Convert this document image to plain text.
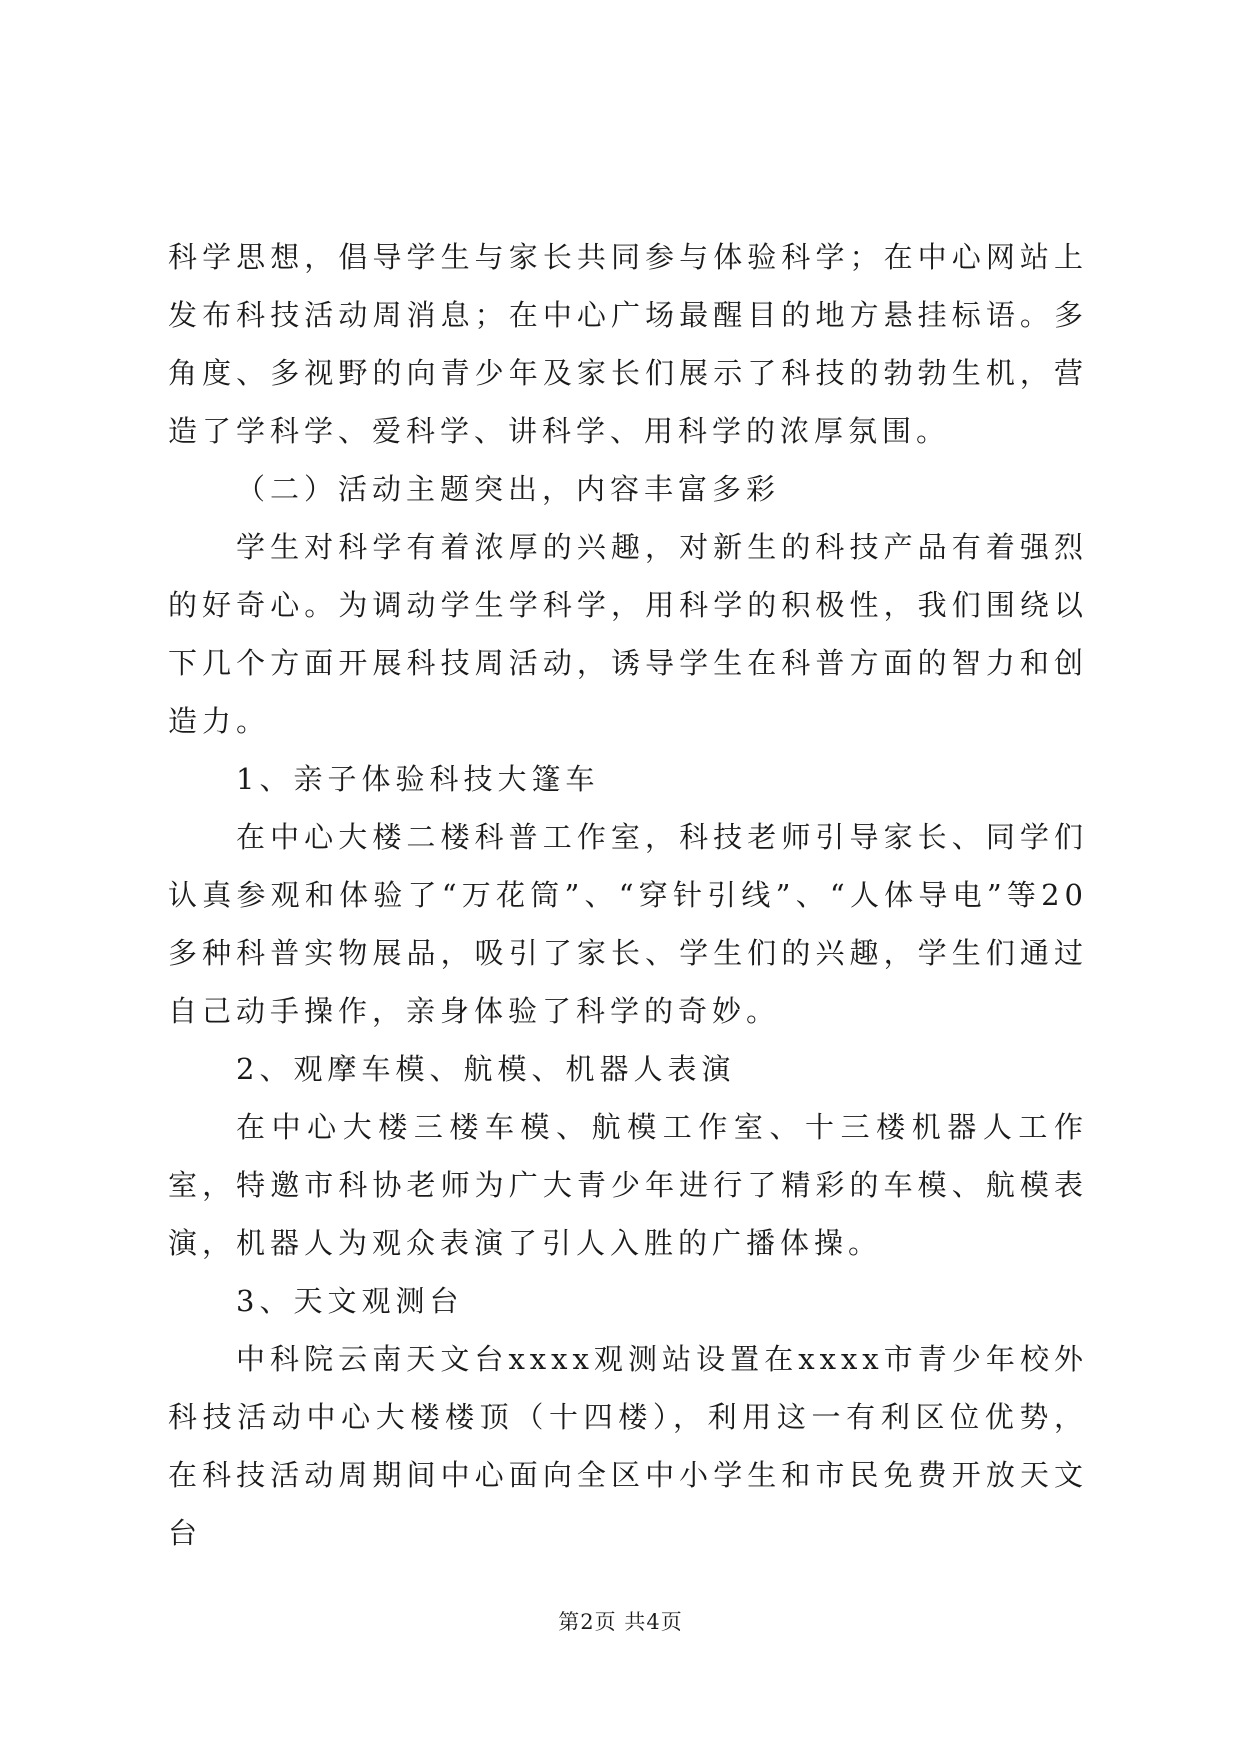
科学思想，倡导学生与家长共同参与体验科学；在中心网站上发布科技活动周消息；在中心广场最醒目的地方悬挂标语。多角度、多视野的向青少年及家长们展示了科技的勃勃生机，营造了学科学、爱科学、讲科学、用科学的浓厚氛围。

（二）活动主题突出，内容丰富多彩

学生对科学有着浓厚的兴趣，对新生的科技产品有着强烈的好奇心。为调动学生学科学，用科学的积极性，我们围绕以下几个方面开展科技周活动，诱导学生在科普方面的智力和创造力。

1、亲子体验科技大篷车

在中心大楼二楼科普工作室，科技老师引导家长、同学们认真参观和体验了“万花筒”、“穿针引线”、“人体导电”等20多种科普实物展品，吸引了家长、学生们的兴趣，学生们通过自己动手操作，亲身体验了科学的奇妙。

2、观摩车模、航模、机器人表演

在中心大楼三楼车模、航模工作室、十三楼机器人工作室，特邀市科协老师为广大青少年进行了精彩的车模、航模表演，机器人为观众表演了引人入胜的广播体操。

3、天文观测台

中科院云南天文台xxxx观测站设置在xxxx市青少年校外科技活动中心大楼楼顶（十四楼），利用这一有利区位优势，在科技活动周期间中心面向全区中小学生和市民免费开放天文台

第2页 共4页
